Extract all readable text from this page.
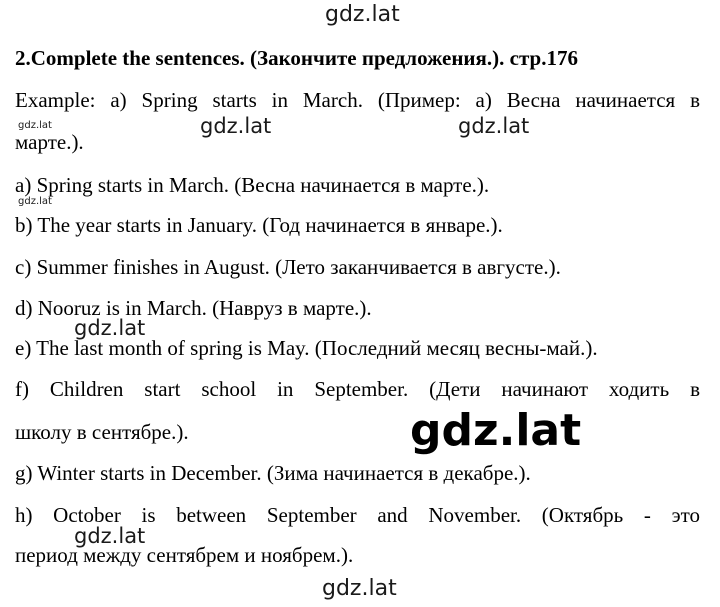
gdz.lat
2.Complete the sentences. (Закончите предложения.). стр.176
Example: a) Spring starts in March. (Пример: а) Весна начинается в
gdz.lat	gdz.lat	gdz.lat
марте.).
a) Spring starts in March. (Весна начинается в марте.).
gdz.lat
b) The year starts in January. (Год начинается в январе.).
c) Summer finishes in August. (Лето заканчивается в августе.).
d) Nooruz is in March. (Навруз в марте.).
gdz.lat
e) The last month of spring is May. (Последний месяц весны-май.).
f) Children start school in September. (Дети начинают ходить в
школу в сентябре.).	gdz.lat
g) Winter starts in December. (Зима начинается в декабре.).
h) October is between September and November. (Октябрь - это
gdz.lat
период между сентябрем и ноябрем.).
gdz.lat
